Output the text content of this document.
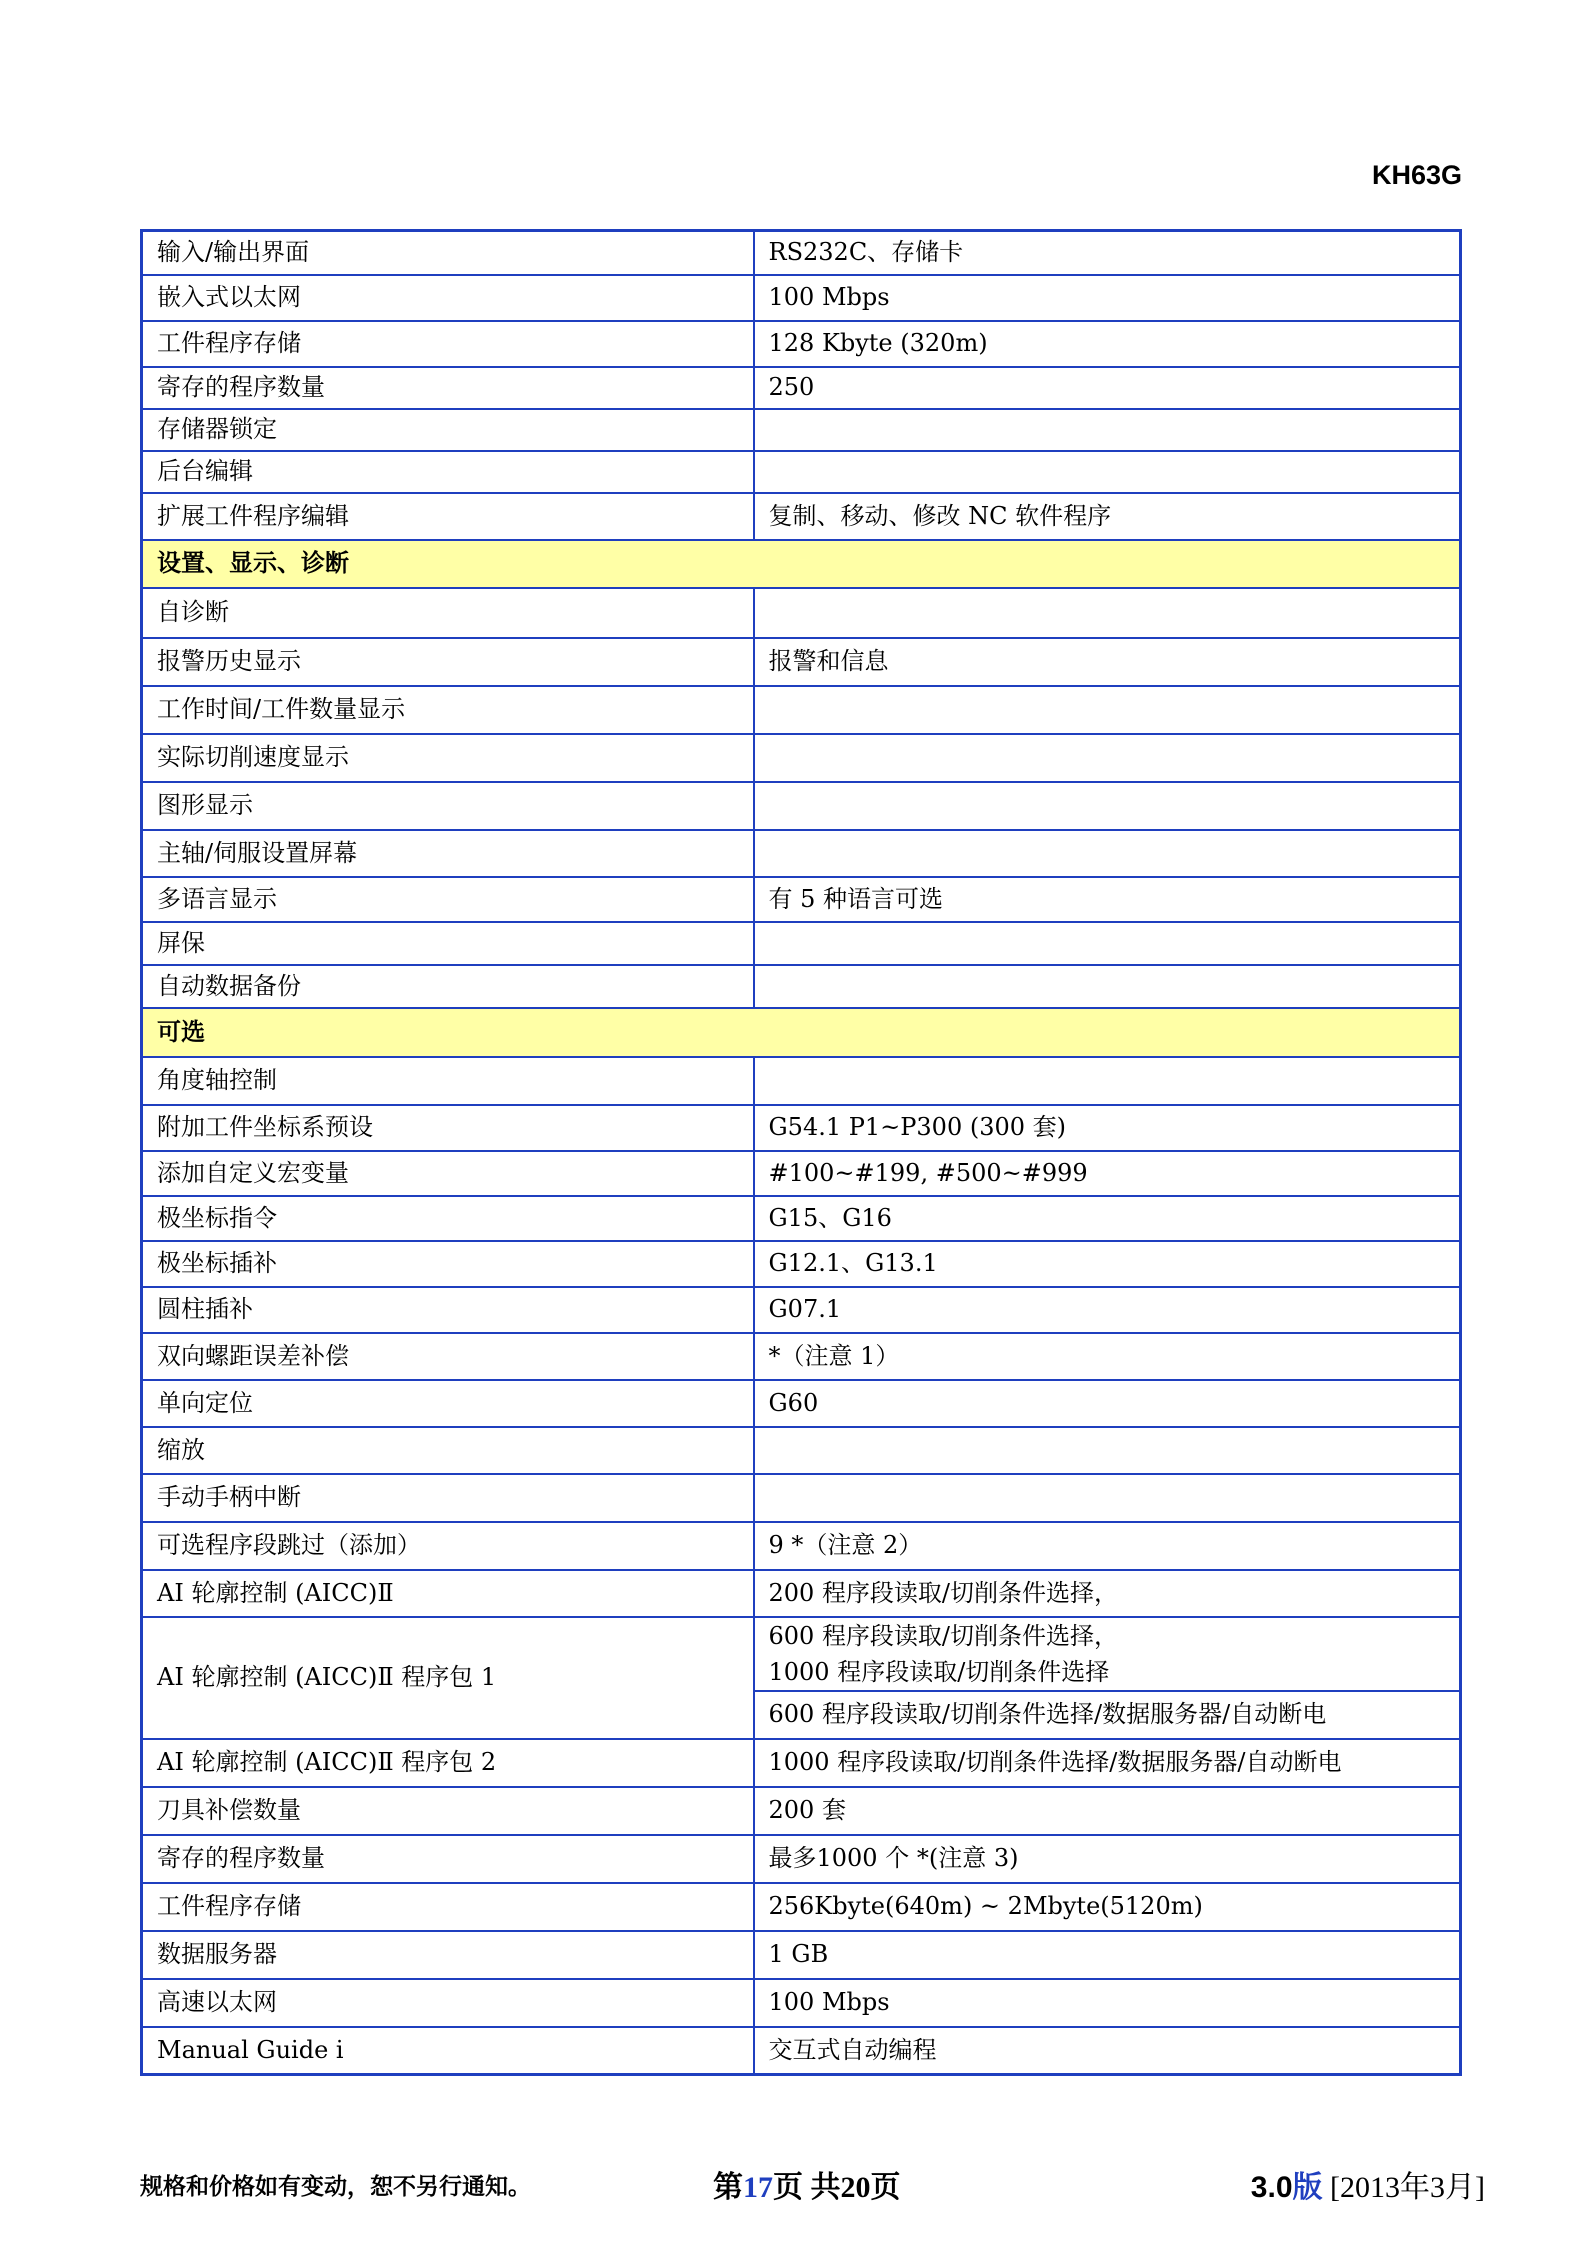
KH63G
输入/输出界面	RS232C、存储卡
嵌入式以太网	100 Mbps
工件程序存储	128 Kbyte (320m)
寄存的程序数量	250
存储器锁定	
后台编辑	
扩展工件程序编辑	复制、移动、修改 NC 软件程序
设置、显示、诊断	
自诊断	
报警历史显示	报警和信息
工作时间/工件数量显示	
实际切削速度显示	
图形显示	
主轴/伺服设置屏幕	
多语言显示	有 5 种语言可选
屏保	
自动数据备份	
可选	
角度轴控制	
附加工件坐标系预设	G54.1 P1~P300 (300 套)
添加自定义宏变量	#100~#199, #500~#999
极坐标指令	G15、G16
极坐标插补	G12.1、G13.1
圆柱插补	G07.1
双向螺距误差补偿	*（注意 1）
单向定位	G60
缩放	
手动手柄中断	
可选程序段跳过（添加）	9 *（注意 2）
AI 轮廓控制 (AICC)Ⅱ	200 程序段读取/切削条件选择，
AI 轮廓控制 (AICC)Ⅱ 程序包 1	600 程序段读取/切削条件选择，
1000 程序段读取/切削条件选择

	600 程序段读取/切削条件选择/数据服务器/自动断电
AI 轮廓控制 (AICC)Ⅱ 程序包 2	1000 程序段读取/切削条件选择/数据服务器/自动断电
刀具补偿数量	200 套
寄存的程序数量	最多1000 个 *(注意 3)
工件程序存储	256Kbyte(640m) ~ 2Mbyte(5120m)
数据服务器	1 GB
高速以太网	100 Mbps
Manual Guide i	交互式自动编程
规格和价格如有变动，恕不另行通知。	第17页 共20页	3.0版 [2013年3月]
